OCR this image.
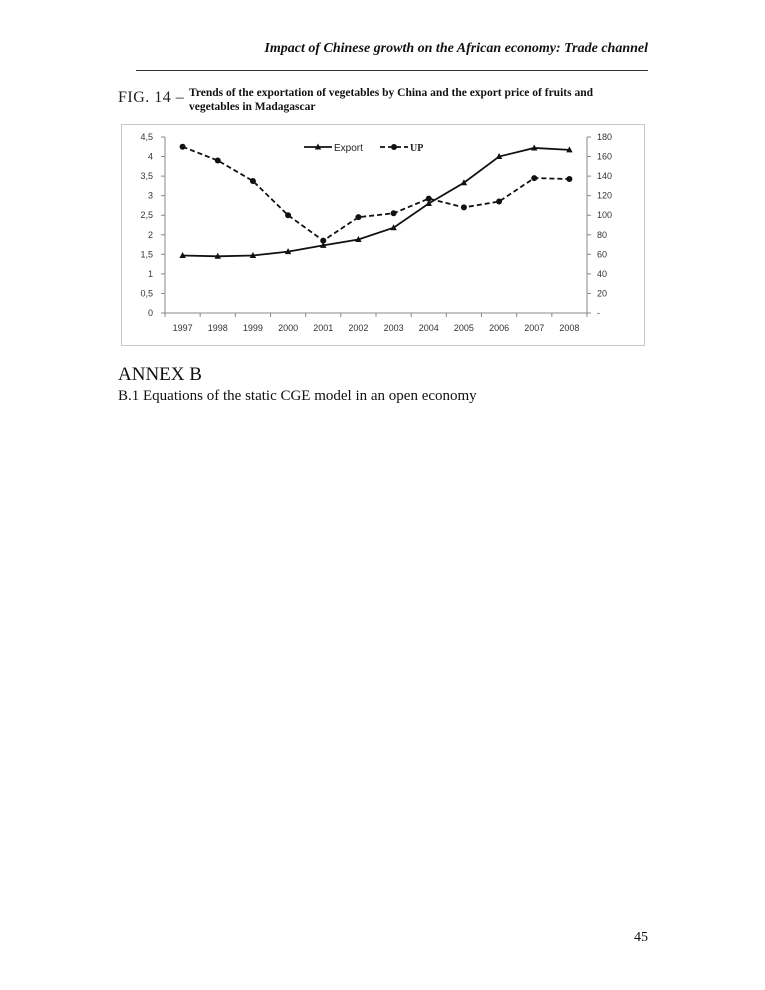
Impact of Chinese growth on the African economy: Trade channel
FIG. 14 – Trends of the exportation of vegetables by China and the export price of fruits and vegetables in Madagascar
0
0,5
1
1,5
2
2,5
3
3,5
4
4,5
-
20
40
60
80
100
120
140
160
180
1997 1998 1999 2000 2001 2002 2003 2004 2005 2006 2007 2008
Export	UP
ANNEX B
B.1 Equations of the static CGE model in an open economy
45
